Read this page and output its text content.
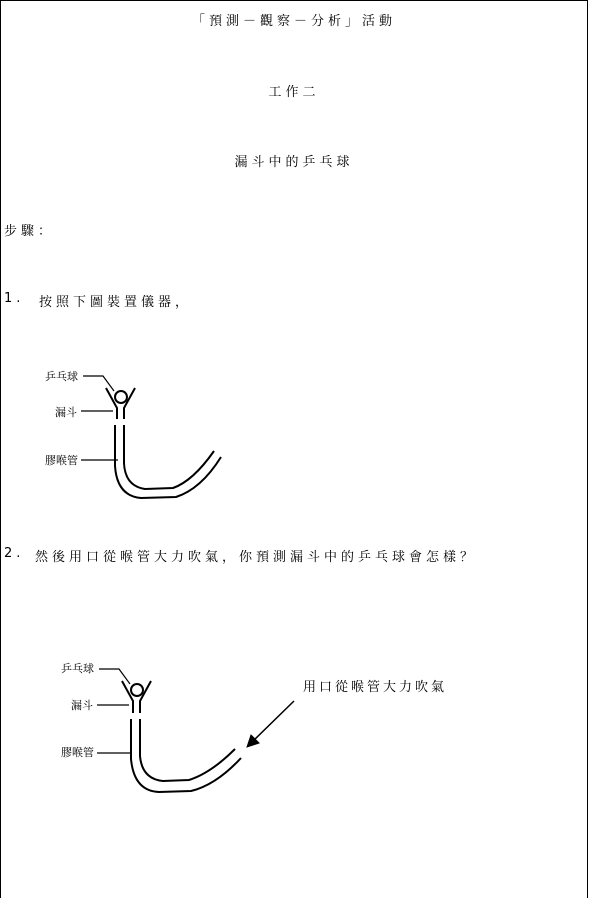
「預測－觀察－分析」活動
工作二
漏斗中的乒乓球
步驟：
1. 按照下圖裝置儀器，
乒乓球
漏斗
膠喉管
2. 然後用口從喉管大力吹氣，你預測漏斗中的乒乓球會怎樣？
乒乓球
漏斗
膠喉管
用口從喉管大力吹氣
